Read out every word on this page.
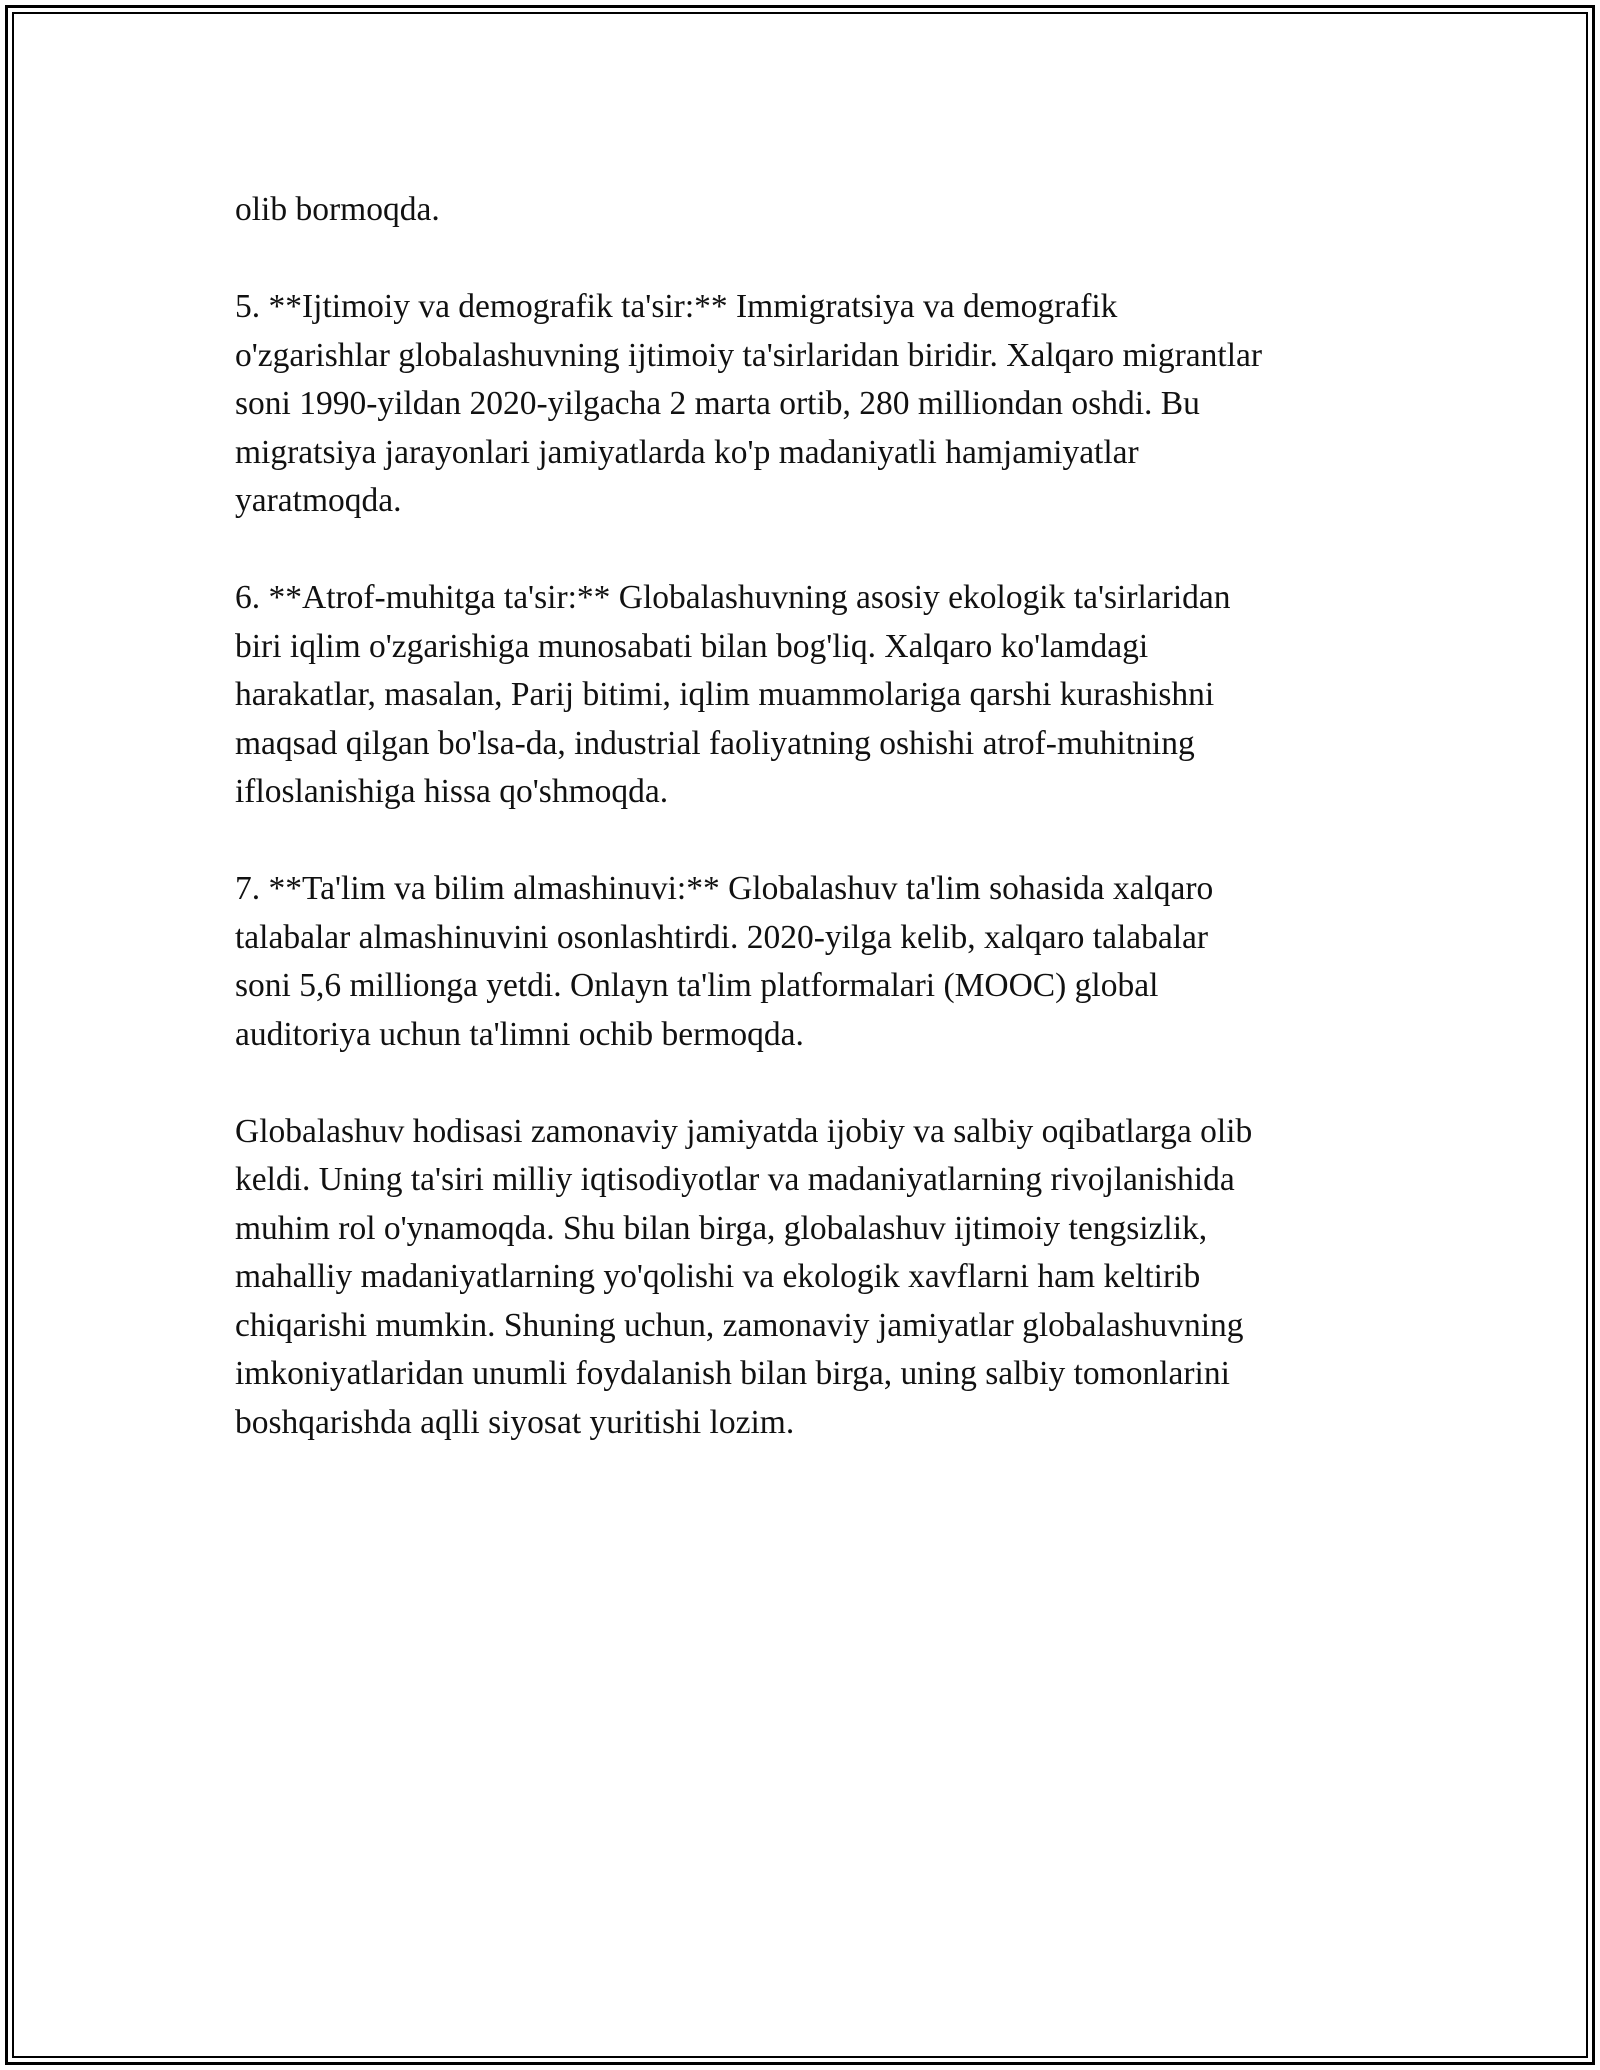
olib bormoqda.

5. **Ijtimoiy va demografik ta'sir:** Immigratsiya va demografik
o'zgarishlar globalashuvning ijtimoiy ta'sirlaridan biridir. Xalqaro migrantlar
soni 1990-yildan 2020-yilgacha 2 marta ortib, 280 milliondan oshdi. Bu
migratsiya jarayonlari jamiyatlarda ko'p madaniyatli hamjamiyatlar
yaratmoqda.

6. **Atrof-muhitga ta'sir:** Globalashuvning asosiy ekologik ta'sirlaridan
biri iqlim o'zgarishiga munosabati bilan bog'liq. Xalqaro ko'lamdagi
harakatlar, masalan, Parij bitimi, iqlim muammolariga qarshi kurashishni
maqsad qilgan bo'lsa-da, industrial faoliyatning oshishi atrof-muhitning
ifloslanishiga hissa qo'shmoqda.

7. **Ta'lim va bilim almashinuvi:** Globalashuv ta'lim sohasida xalqaro
talabalar almashinuvini osonlashtirdi. 2020-yilga kelib, xalqaro talabalar
soni 5,6 millionga yetdi. Onlayn ta'lim platformalari (MOOC) global
auditoriya uchun ta'limni ochib bermoqda.

Globalashuv hodisasi zamonaviy jamiyatda ijobiy va salbiy oqibatlarga olib
keldi. Uning ta'siri milliy iqtisodiyotlar va madaniyatlarning rivojlanishida
muhim rol o'ynamoqda. Shu bilan birga, globalashuv ijtimoiy tengsizlik,
mahalliy madaniyatlarning yo'qolishi va ekologik xavflarni ham keltirib
chiqarishi mumkin. Shuning uchun, zamonaviy jamiyatlar globalashuvning
imkoniyatlaridan unumli foydalanish bilan birga, uning salbiy tomonlarini
boshqarishda aqlli siyosat yuritishi lozim.
